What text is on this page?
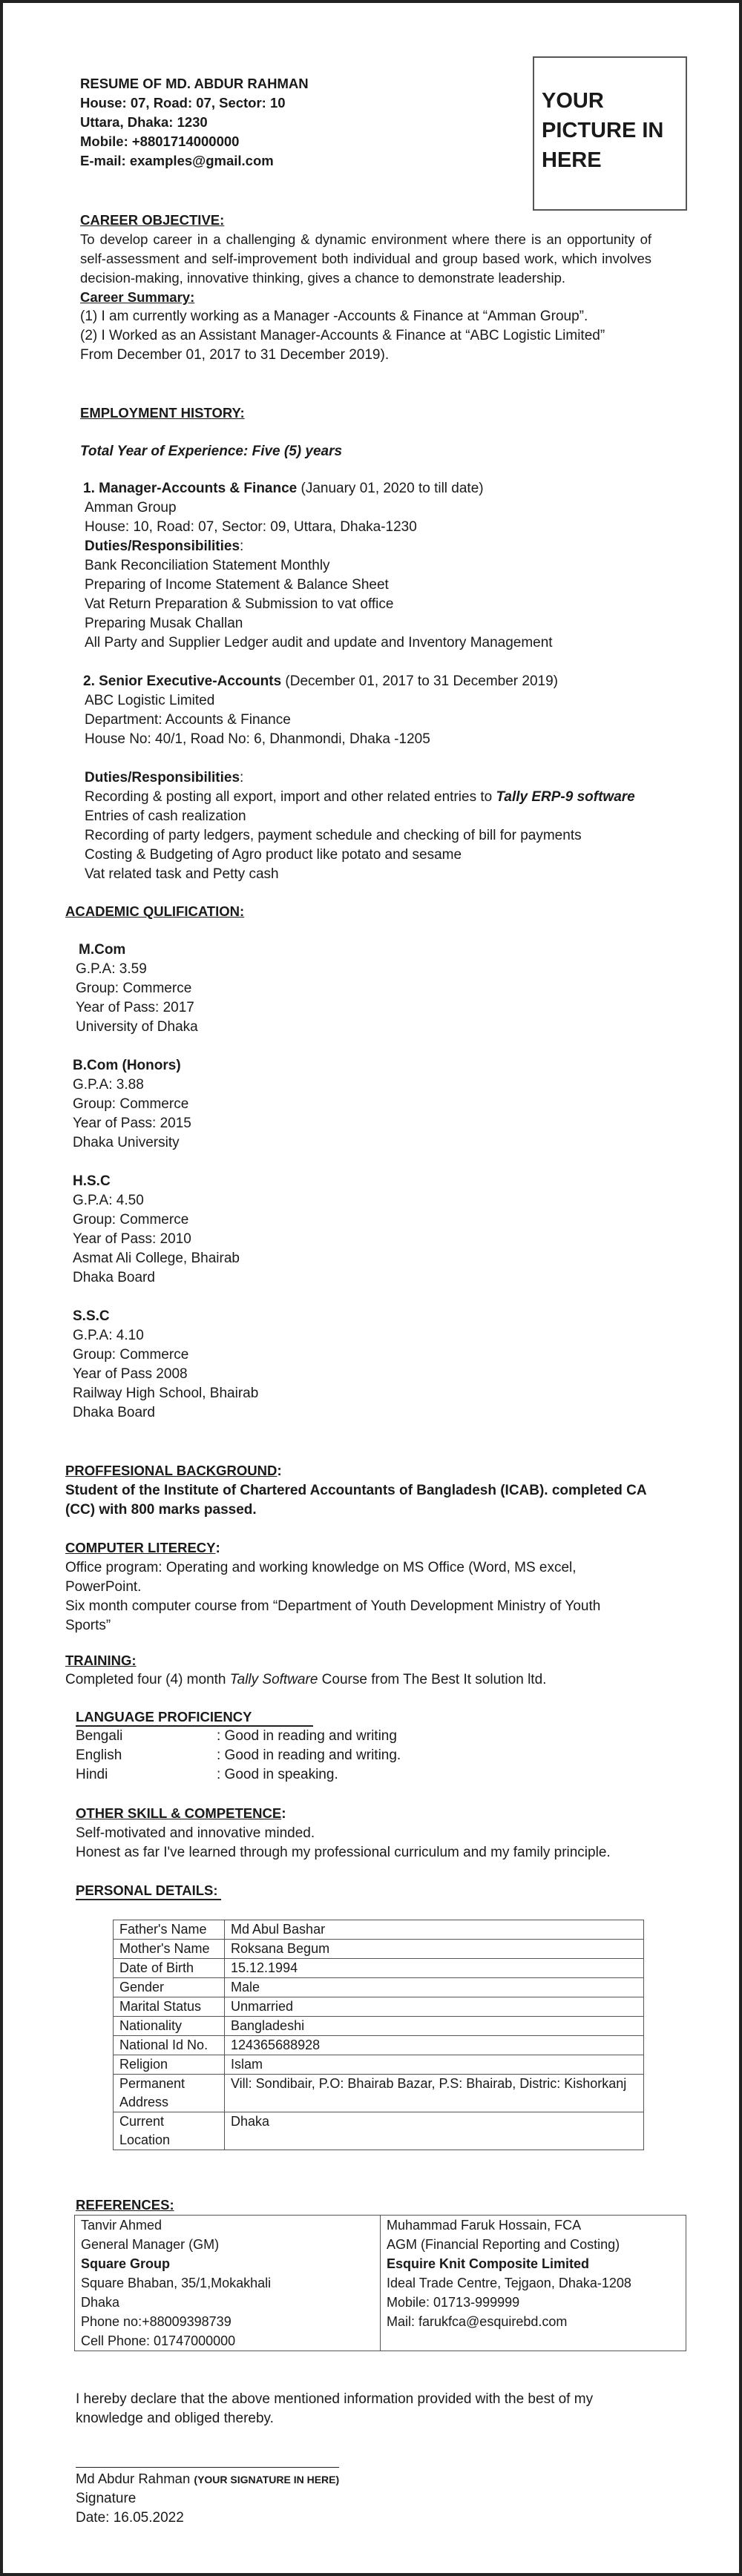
RESUME OF MD. ABDUR RAHMAN
House: 07, Road: 07, Sector: 10
Uttara, Dhaka: 1230
Mobile: +8801714000000
E-mail: examples@gmail.com
YOUR
PICTURE IN
HERE
CAREER OBJECTIVE:

To develop career in a challenging & dynamic environment where there is an opportunity of self-assessment and self-improvement both individual and group based work, which involves decision-making, innovative thinking, gives a chance to demonstrate leadership.

Career Summary:
(1) I am currently working as a Manager -Accounts & Finance at “Amman Group”.
(2) I Worked as an Assistant Manager-Accounts & Finance at “ABC Logistic Limited”
From December 01, 2017 to 31 December 2019).
EMPLOYMENT HISTORY:
Total Year of Experience: Five (5) years
1. Manager-Accounts & Finance (January 01, 2020 to till date)
Amman Group
House: 10, Road: 07, Sector: 09, Uttara, Dhaka-1230
Duties/Responsibilities:
Bank Reconciliation Statement Monthly
Preparing of Income Statement & Balance Sheet
Vat Return Preparation & Submission to vat office
Preparing Musak Challan
All Party and Supplier Ledger audit and update and Inventory Management
2. Senior Executive-Accounts (December 01, 2017 to 31 December 2019)
ABC Logistic Limited
Department: Accounts & Finance
House No: 40/1, Road No: 6, Dhanmondi, Dhaka -1205
Duties/Responsibilities:
Recording & posting all export, import and other related entries to Tally ERP-9 software
Entries of cash realization
Recording of party ledgers, payment schedule and checking of bill for payments
Costing & Budgeting of Agro product like potato and sesame
Vat related task and Petty cash
ACADEMIC QULIFICATION:
M.Com
G.P.A: 3.59
Group: Commerce
Year of Pass: 2017
University of Dhaka
B.Com (Honors)
G.P.A: 3.88
Group: Commerce
Year of Pass: 2015
Dhaka University
H.S.C
G.P.A: 4.50
Group: Commerce
Year of Pass: 2010
Asmat Ali College, Bhairab
Dhaka Board
S.S.C
G.P.A: 4.10
Group: Commerce
Year of Pass 2008
Railway High School, Bhairab
Dhaka Board
PROFFESIONAL BACKGROUND:
Student of the Institute of Chartered Accountants of Bangladesh (ICAB). completed CA
(CC) with 800 marks passed.
COMPUTER LITERECY:
Office program: Operating and working knowledge on MS Office (Word, MS excel,
PowerPoint.
Six month computer course from “Department of Youth Development Ministry of Youth
Sports”
TRAINING:
Completed four (4) month Tally Software Course from The Best It solution ltd.
LANGUAGE PROFICIENCY
Bengali	: Good in reading and writing
English	: Good in reading and writing.
Hindi	: Good in speaking.
OTHER SKILL & COMPETENCE:
Self-motivated and innovative minded.
Honest as far I've learned through my professional curriculum and my family principle.
PERSONAL DETAILS:
Father's Name	Md Abul Bashar
Mother's Name	Roksana Begum
Date of Birth	15.12.1994
Gender	Male
Marital Status	Unmarried
Nationality	Bangladeshi
National Id No.	124365688928
Religion	Islam
Permanent Address	Vill: Sondibair, P.O: Bhairab Bazar, P.S: Bhairab, Distric: Kishorkanj
Current Location	Dhaka
REFERENCES:
Tanvir Ahmed
General Manager (GM)
Square Group
Square Bhaban, 35/1,Mokakhali
Dhaka
Phone no:+88009398739
Cell Phone: 01747000000

Muhammad Faruk Hossain, FCA
AGM (Financial Reporting and Costing)
Esquire Knit Composite Limited
Ideal Trade Centre, Tejgaon, Dhaka-1208
Mobile: 01713-999999
Mail: farukfca@esquirebd.com
I hereby declare that the above mentioned information provided with the best of my
knowledge and obliged thereby.
Md Abdur Rahman (YOUR SIGNATURE IN HERE)
Signature
Date: 16.05.2022
